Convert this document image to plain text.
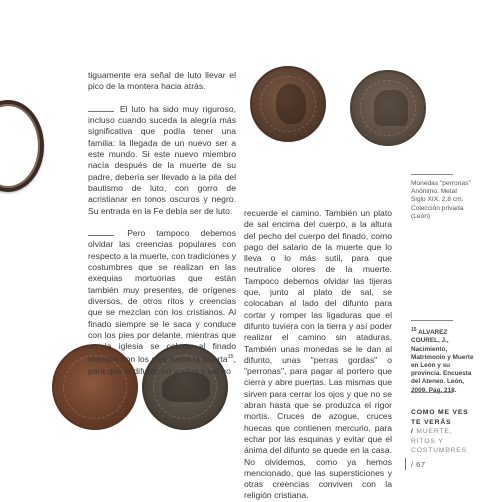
tiguamente era señal de luto llevar el pico de la montera hacia atrás.

El luto ha sido muy riguroso, incluso cuando suceda la alegría más significativa que podía tener una familia: la llegada de un nuevo ser a este mundo. Si este nuevo miembro nacía después de la muerte de su padre, debería ser llevado a la pila del bautismo de luto, con gorro de acristianar en tonos oscuros y negro. Su entrada en la Fe debía ser de luto.

Pero tampoco debemos olvidar las creencias populares con respecto a la muerte, con tradiciones y costumbres que se realizan en las exequias mortuorias que están también muy presentes, de orígenes diversos, de otros ritos y creencias que se mezclan con los cristianos. Al finado siempre se le saca y conduce con los pies por delante, mientras que en la iglesia se coloca al finado siempre con los pies hacia la puerta$^{15}$, para que el difunto no vuelva y así no

recuerde el camino. También un plato de sal encima del cuerpo, a la altura del pecho del cuerpo del finado, como pago del salario de la muerte que lo lleva o lo más sutil, para que neutralice olores de la muerte. Tampoco debemos olvidar las tijeras que, junto al plato de sal, se colocaban al lado del difunto para cortar y romper las ligaduras que el difunto tuviera con la tierra y así poder realizar el camino sin ataduras. También unas monedas se le dan al difunto, unas "perras gordas" o "perronas", para pagar al portero que cierra y abre puertas. Las mismas que sirven para cerrar los ojos y que no se abran hasta que se produzca el rigor mortis. Cruces de azogue, cruces huecas que contienen mercurio, para echar por las esquinas y evitar que el ánima del difunto se quede en la casa. No olvidemos, como ya hemos mencionado, que las supersticiones y otras creencias conviven con la religión cristiana.

Monedas "perronas"
Anónimo. Metal
Siglo XIX. 2,8 cm.
Colección privada
(León)
$^{15}$ ALVAREZ COUREL, J., Nacimiento, Matrimonio y Muerte en León y su provincia. Encuesta del Ateneo. León, 2009. Pág. 218.
COMO ME VES
TE VERÁS
/ MUERTE,
RITOS Y
COSTUMBRES
/ 67
